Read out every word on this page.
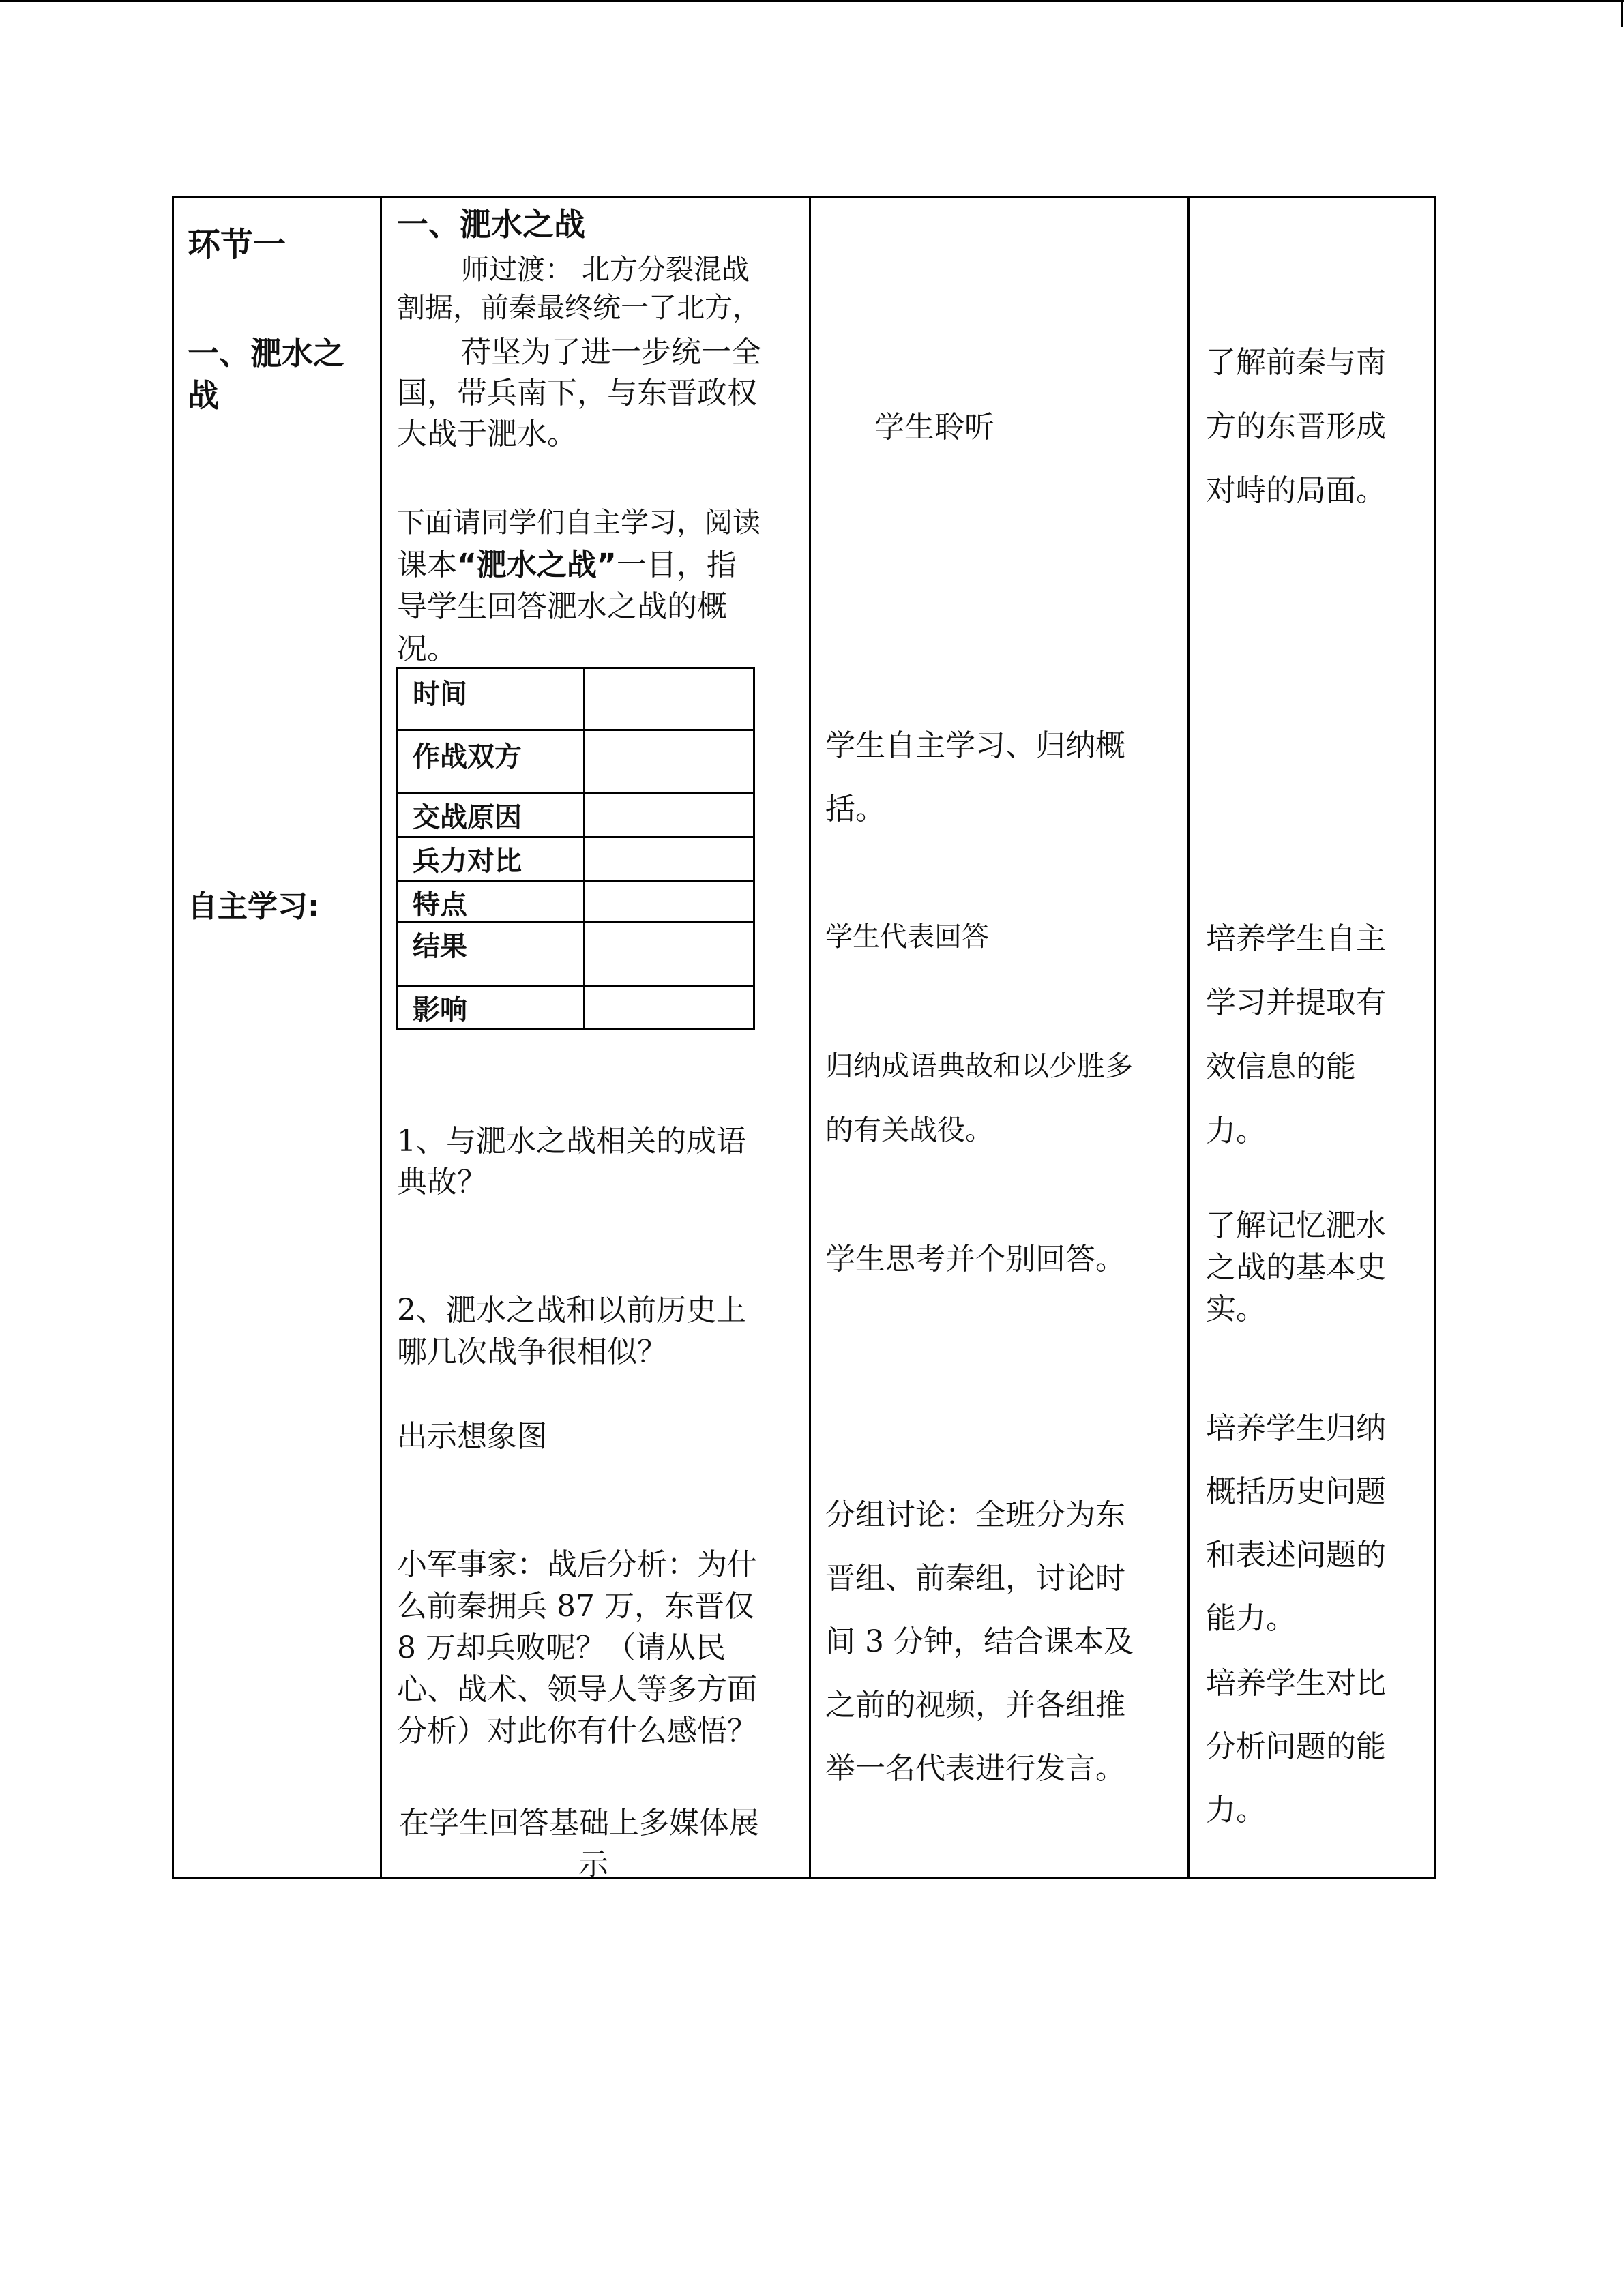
环节一
一、淝水之
战
自主学习:
一、淝水之战
师过渡： 北方分裂混战
割据，前秦最终统一了北方，
苻坚为了进一步统一全
国，带兵南下，与东晋政权
大战于淝水。
下面请同学们自主学习，阅读
课本“淝水之战”一目，指
导学生回答淝水之战的概
况。
时间
作战双方
交战原因
兵力对比
特点
结果
影响
1、与淝水之战相关的成语
典故？
2、淝水之战和以前历史上
哪几次战争很相似？
出示想象图
小军事家：战后分析：为什
么前秦拥兵 87 万，东晋仅
8 万却兵败呢？（请从民
心、战术、领导人等多方面
分析）对此你有什么感悟？
在学生回答基础上多媒体展
示
学生聆听
学生自主学习、归纳概
括。
学生代表回答
归纳成语典故和以少胜多
的有关战役。
学生思考并个别回答。
分组讨论：全班分为东
晋组、前秦组，讨论时
间 3 分钟，结合课本及
之前的视频，并各组推
举一名代表进行发言。
了解前秦与南
方的东晋形成
对峙的局面。
培养学生自主
学习并提取有
效信息的能
力。
了解记忆淝水
之战的基本史
实。
培养学生归纳
概括历史问题
和表述问题的
能力。
培养学生对比
分析问题的能
力。
